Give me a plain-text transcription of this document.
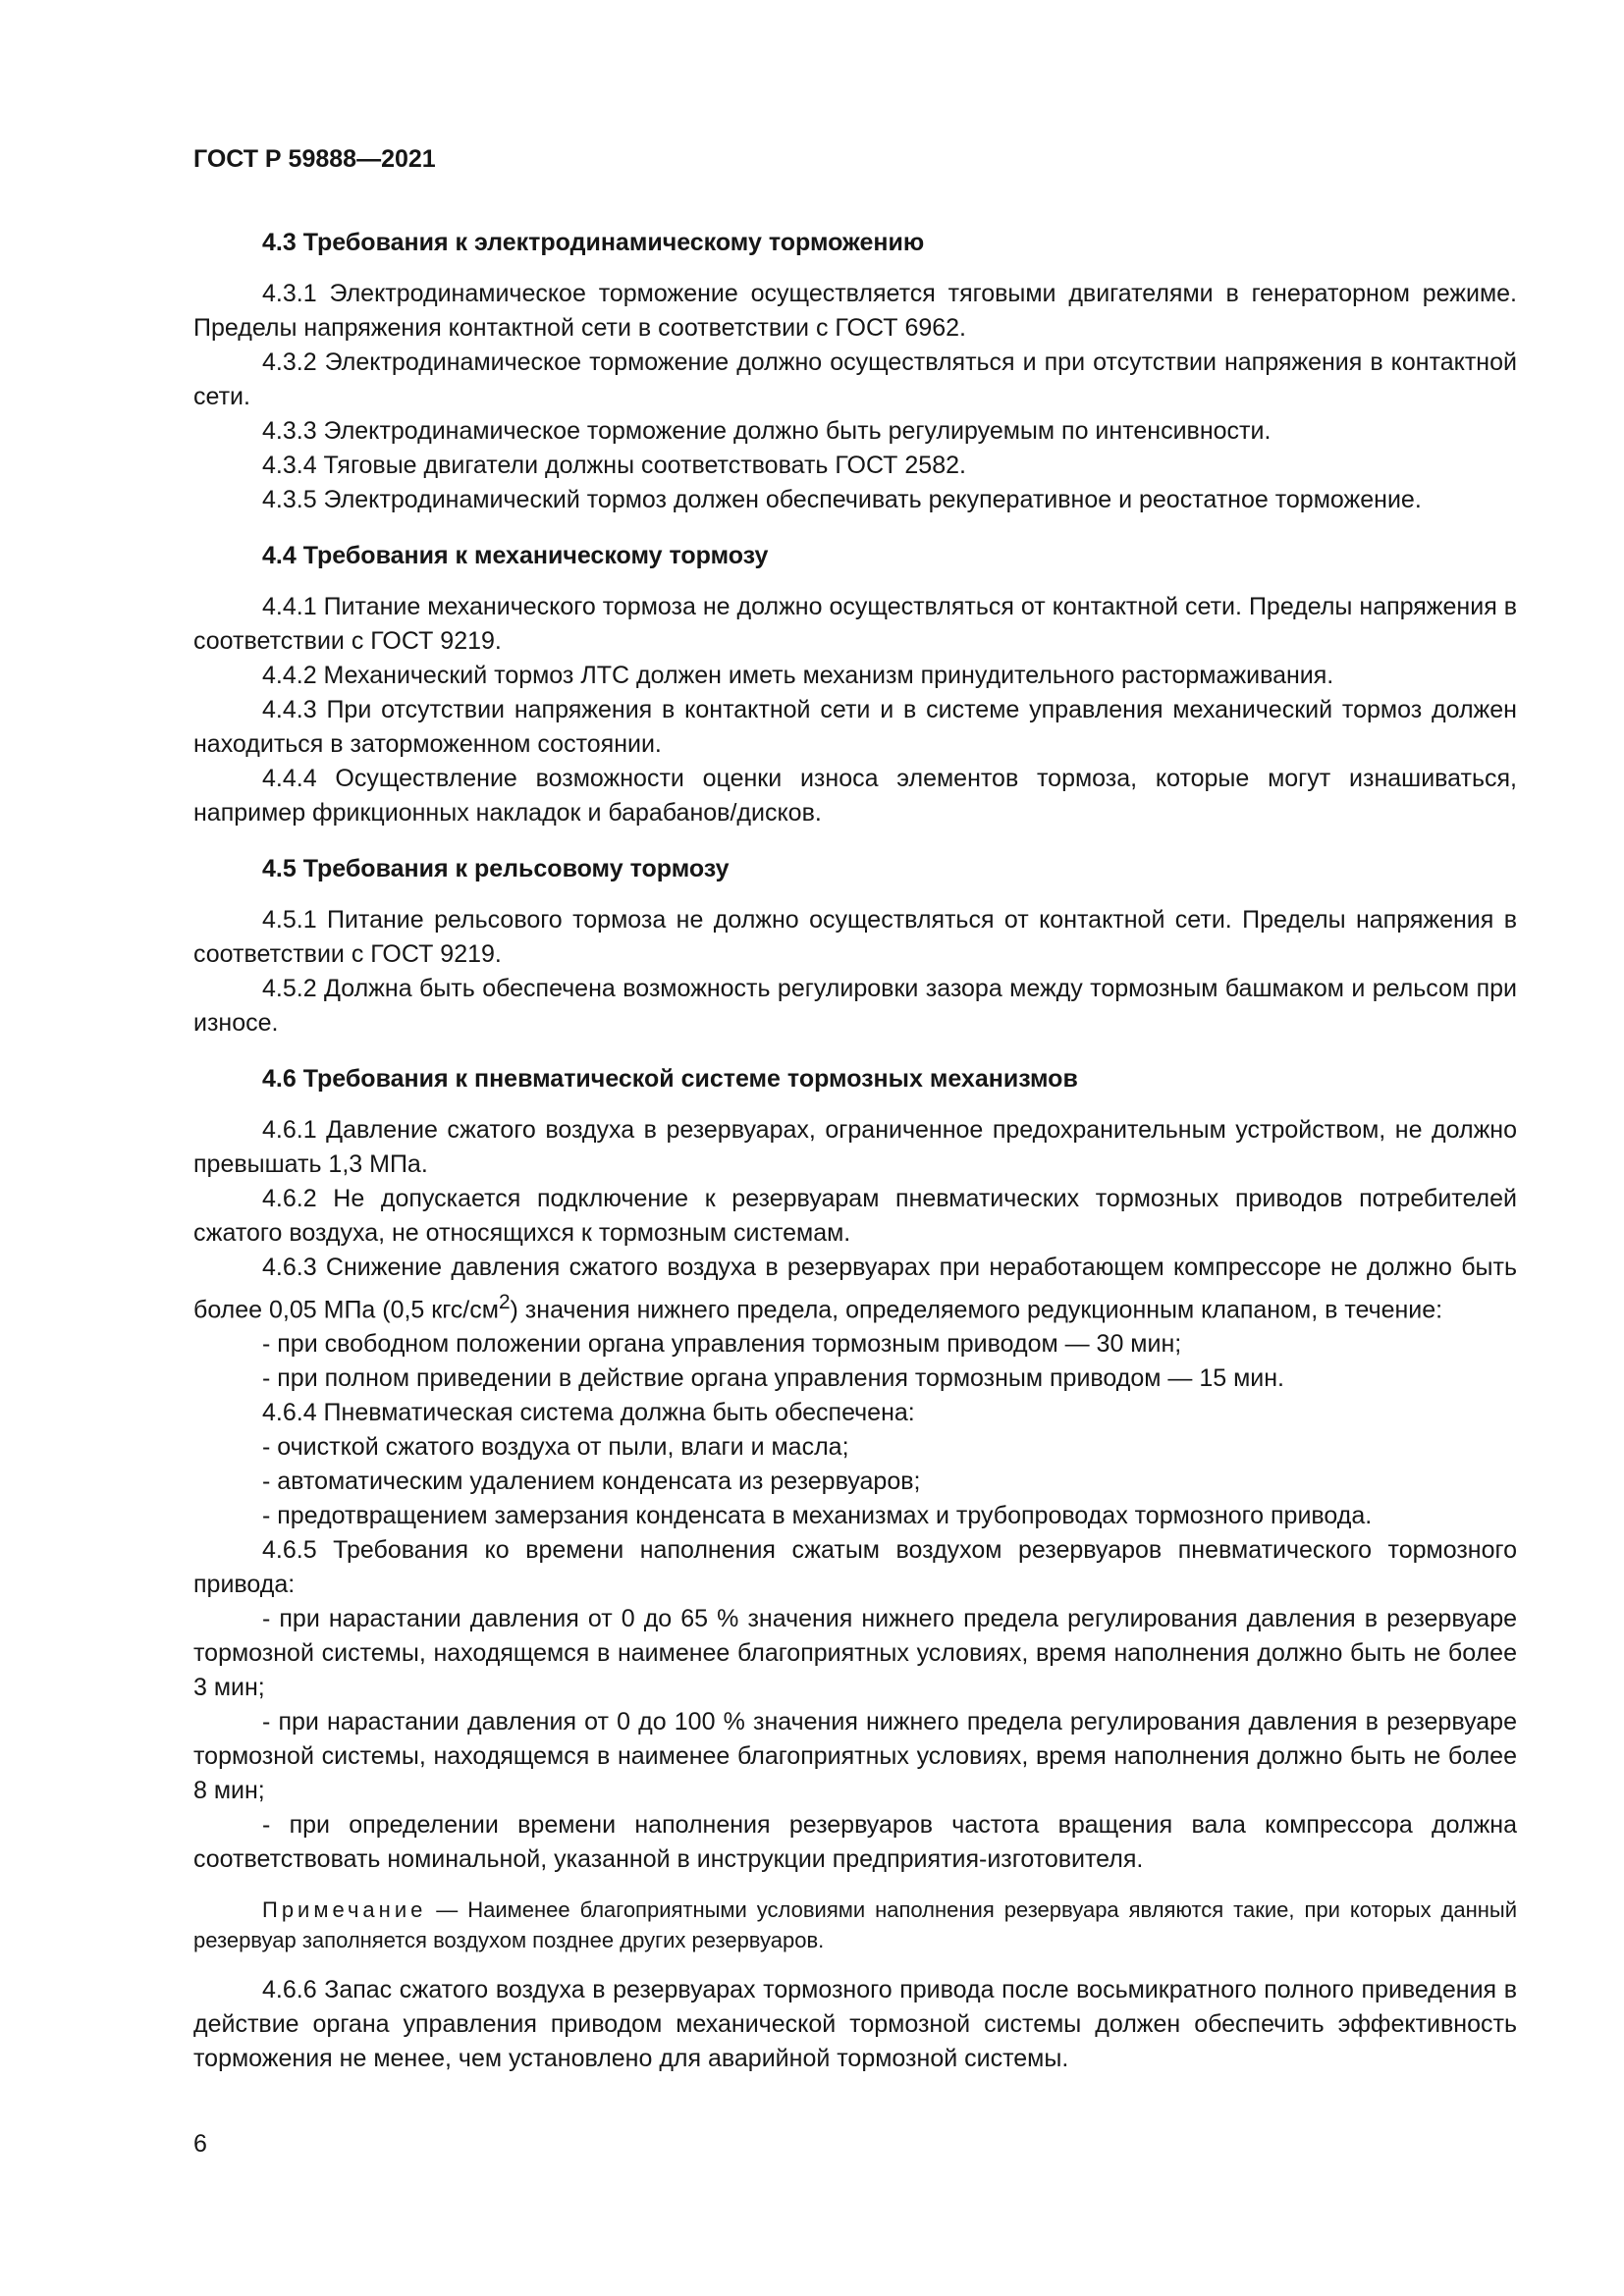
ГОСТ Р 59888—2021
4.3 Требования к электродинамическому торможению

4.3.1 Электродинамическое торможение осуществляется тяговыми двигателями в генераторном режиме. Пределы напряжения контактной сети в соответствии с ГОСТ 6962.

4.3.2 Электродинамическое торможение должно осуществляться и при отсутствии напряжения в контактной сети.

4.3.3 Электродинамическое торможение должно быть регулируемым по интенсивности.

4.3.4 Тяговые двигатели должны соответствовать ГОСТ 2582.

4.3.5 Электродинамический тормоз должен обеспечивать рекуперативное и реостатное торможение.

4.4 Требования к механическому тормозу

4.4.1 Питание механического тормоза не должно осуществляться от контактной сети. Пределы напряжения в соответствии с ГОСТ 9219.

4.4.2 Механический тормоз ЛТС должен иметь механизм принудительного растормаживания.

4.4.3 При отсутствии напряжения в контактной сети и в системе управления механический тормоз должен находиться в заторможенном состоянии.

4.4.4 Осуществление возможности оценки износа элементов тормоза, которые могут изнашиваться, например фрикционных накладок и барабанов/дисков.

4.5 Требования к рельсовому тормозу

4.5.1 Питание рельсового тормоза не должно осуществляться от контактной сети. Пределы напряжения в соответствии с ГОСТ 9219.

4.5.2 Должна быть обеспечена возможность регулировки зазора между тормозным башмаком и рельсом при износе.

4.6 Требования к пневматической системе тормозных механизмов

4.6.1 Давление сжатого воздуха в резервуарах, ограниченное предохранительным устройством, не должно превышать 1,3 МПа.

4.6.2 Не допускается подключение к резервуарам пневматических тормозных приводов потребителей сжатого воздуха, не относящихся к тормозным системам.

4.6.3 Снижение давления сжатого воздуха в резервуарах при неработающем компрессоре не должно быть более 0,05 МПа (0,5 кгс/$см^2$) значения нижнего предела, определяемого редукционным клапаном, в течение:

- при свободном положении органа управления тормозным приводом — 30 мин;

- при полном приведении в действие органа управления тормозным приводом — 15 мин.

4.6.4 Пневматическая система должна быть обеспечена:

- очисткой сжатого воздуха от пыли, влаги и масла;

- автоматическим удалением конденсата из резервуаров;

- предотвращением замерзания конденсата в механизмах и трубопроводах тормозного привода.

4.6.5 Требования ко времени наполнения сжатым воздухом резервуаров пневматического тормозного привода:

- при нарастании давления от 0 до 65 % значения нижнего предела регулирования давления в резервуаре тормозной системы, находящемся в наименее благоприятных условиях, время наполнения должно быть не более 3 мин;

- при нарастании давления от 0 до 100 % значения нижнего предела регулирования давления в резервуаре тормозной системы, находящемся в наименее благоприятных условиях, время наполнения должно быть не более 8 мин;

- при определении времени наполнения резервуаров частота вращения вала компрессора должна соответствовать номинальной, указанной в инструкции предприятия-изготовителя.

Примечание — Наименее благоприятными условиями наполнения резервуара являются такие, при которых данный резервуар заполняется воздухом позднее других резервуаров.

4.6.6 Запас сжатого воздуха в резервуарах тормозного привода после восьмикратного полного приведения в действие органа управления приводом механической тормозной системы должен обеспечить эффективность торможения не менее, чем установлено для аварийной тормозной системы.

6
